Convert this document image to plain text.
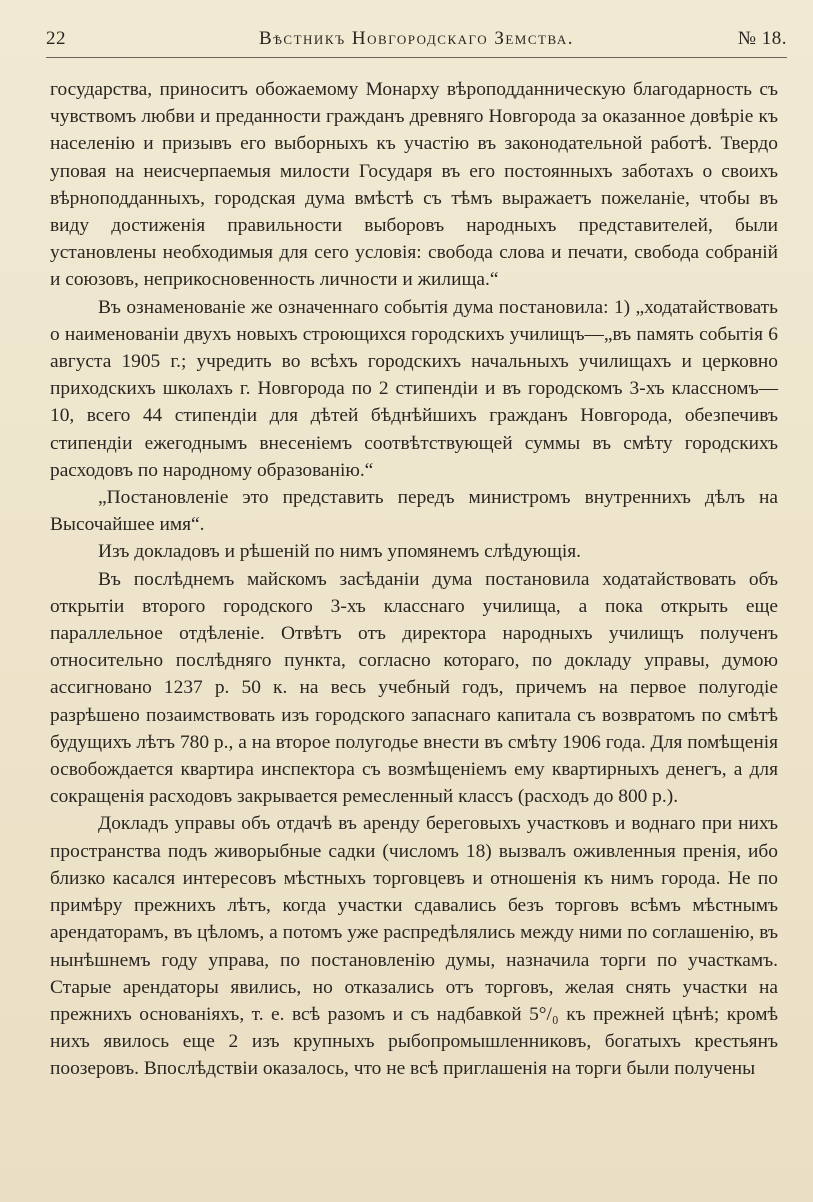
22	Вѣстникъ Новгородскаго Земства.	№ 18.

государства, приноситъ обожаемому Монарху вѣроподданническую благодарность съ чувствомъ любви и преданности гражданъ древняго Новгорода за оказанное довѣріе къ населенію и призывъ его выборныхъ къ участію въ законодательной работѣ. Твердо уповая на неисчерпаемыя милости Государя въ его постоянныхъ заботахъ о своихъ вѣрноподданныхъ, городская дума вмѣстѣ съ тѣмъ выражаетъ пожеланіе, чтобы въ виду достиженія правильности выборовъ народныхъ представителей, были установлены необходимыя для сего условія: свобода слова и печати, свобода собраній и союзовъ, неприкосновенность личности и жилища.“

Въ ознаменованіе же означеннаго событія дума постановила: 1) „ходатайствовать о наименованіи двухъ новыхъ строющихся городскихъ училищъ—„въ память событія 6 августа 1905 г.; учредить во всѣхъ городскихъ начальныхъ училищахъ и церковно приходскихъ школахъ г. Новгорода по 2 стипендіи и въ городскомъ 3-хъ классномъ—10, всего 44 стипендіи для дѣтей бѣднѣйшихъ гражданъ Новгорода, обезпечивъ стипендіи ежегоднымъ внесеніемъ соотвѣтствующей суммы въ смѣту городскихъ расходовъ по народному образованію.“

„Постановленіе это представить передъ министромъ внутреннихъ дѣлъ на Высочайшее имя“.

Изъ докладовъ и рѣшеній по нимъ упомянемъ слѣдующія.

Въ послѣднемъ майскомъ засѣданіи дума постановила ходатайствовать объ открытіи второго городского 3-хъ класснаго училища, а пока открыть еще параллельное отдѣленіе. Отвѣтъ отъ директора народныхъ училищъ полученъ относительно послѣдняго пункта, согласно котораго, по докладу управы, думою ассигновано 1237 р. 50 к. на весь учебный годъ, причемъ на первое полугодіе разрѣшено позаимствовать изъ городского запаснаго капитала съ возвратомъ по смѣтѣ будущихъ лѣтъ 780 р., а на второе полугодье внести въ смѣту 1906 года. Для помѣщенія освобождается квартира инспектора съ возмѣщеніемъ ему квартирныхъ денегъ, а для сокращенія расходовъ закрывается ремесленный классъ (расходъ до 800 р.).

Докладъ управы объ отдачѣ въ аренду береговыхъ участковъ и воднаго при нихъ пространства подъ живорыбные садки (числомъ 18) вызвалъ оживленныя пренія, ибо близко касался интересовъ мѣстныхъ торговцевъ и отношенія къ нимъ города. Не по примѣру прежнихъ лѣтъ, когда участки сдавались безъ торговъ всѣмъ мѣстнымъ арендаторамъ, въ цѣломъ, а потомъ уже распредѣлялись между ними по соглашенію, въ нынѣшнемъ году управа, по постановленію думы, назначила торги по участкамъ. Старые арендаторы явились, но отказались отъ торговъ, желая снять участки на прежнихъ основаніяхъ, т. е. всѣ разомъ и съ надбавкой 5°/₀ къ прежней цѣнѣ; кромѣ нихъ явилось еще 2 изъ крупныхъ рыбопромышленниковъ, богатыхъ крестьянъ поозеровъ. Впослѣдствіи оказалось, что не всѣ приглашенія на торги были получены
